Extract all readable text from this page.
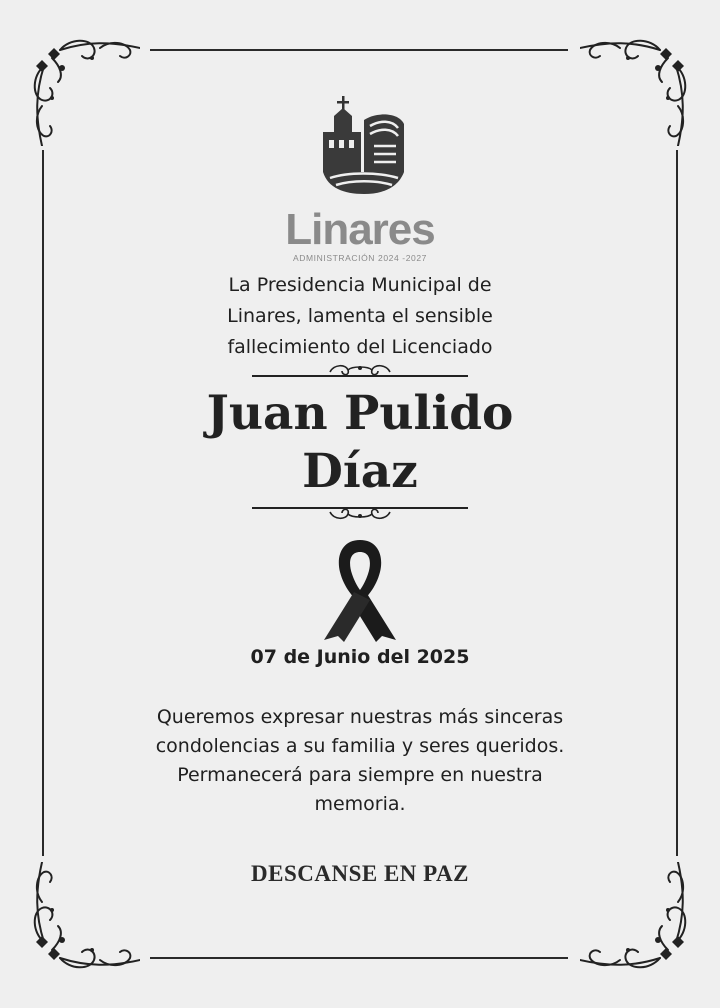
Linares
ADMINISTRACIÓN 2024 -2027
La Presidencia Municipal de
Linares, lamenta el sensible
fallecimiento del Licenciado
Juan Pulido
Díaz
07 de Junio del 2025
Queremos expresar nuestras más sinceras
condolencias a su familia y seres queridos.
Permanecerá para siempre en nuestra
memoria.
DESCANSE EN PAZ
